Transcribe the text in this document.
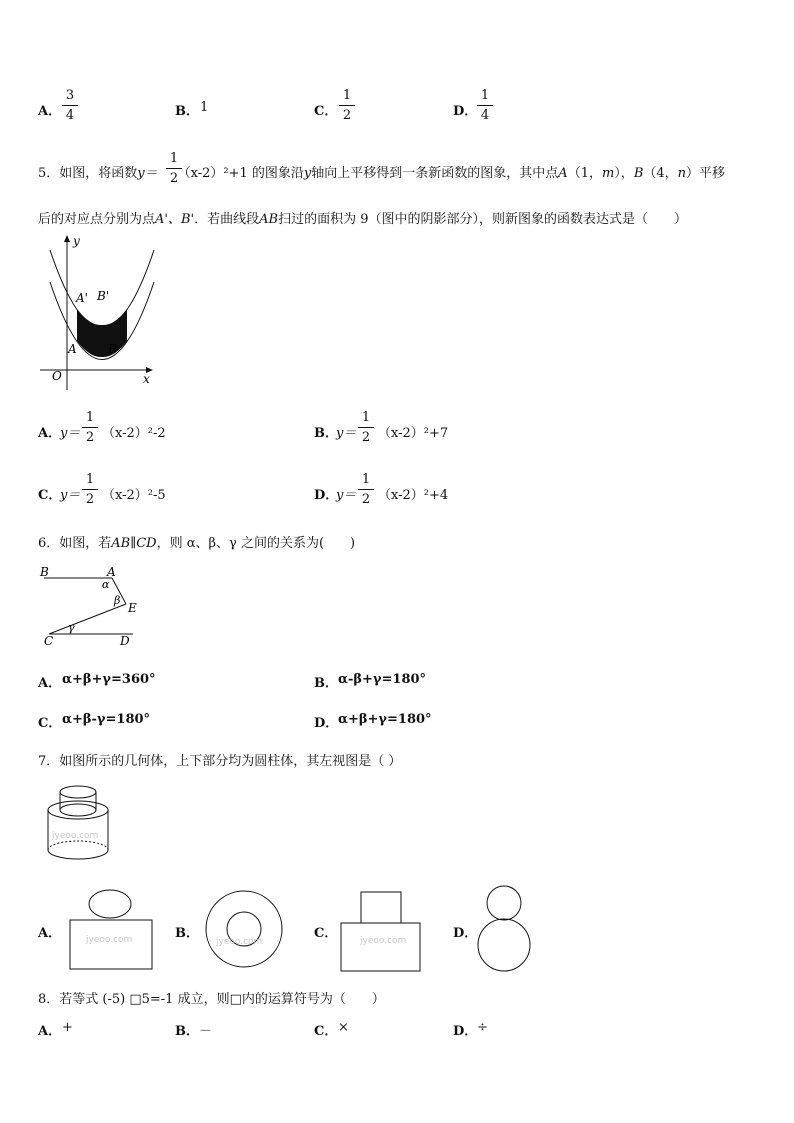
A．
3
4	B． 1	C．
1
2	D．
1
4
5．如图，将函数y＝ （x-2）²+1 的图象沿y轴向上平移得到一条新函数的图象，其中点A（1，m），B（4，n）平移
1
2
后的对应点分别为点A'、B'．若曲线段AB扫过的面积为 9（图中的阴影部分），则新图象的函数表达式是（　　）
y
x
O
A	B
A' B'
A．
y＝
1
2 （x-2）²-2	B．
y＝
1
2 （x-2）²+7
C．
y＝
1
2 （x-2）²-5	D．
y＝
1
2 （x-2）²+4
6．如图，若AB∥CD，则 α、β、γ 之间的关系为(　　)
B	A
α
β
E
γ
C	D
A． α+β+γ=360°	B． α-β+γ=180°
C． α+β-γ=180°	D． α+β+γ=180°
7．如图所示的几何体，上下部分均为圆柱体，其左视图是（ ）
jyeoo.com
A．	jyeoo.com	B．
jyeoo.com
C．	jyeoo.com	D．
8．若等式 (-5) □5=-1 成立，则□内的运算符号为（　　）
A． +	B． －	C． ×	D． ÷
